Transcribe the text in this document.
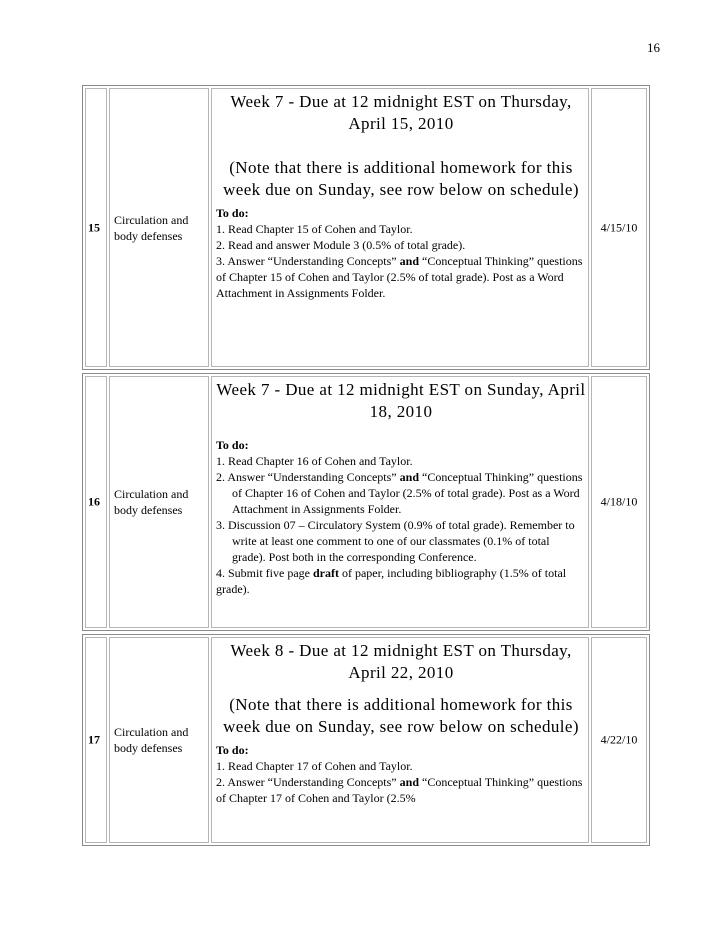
16
15
Circulation and body defenses
Week 7 - Due at 12 midnight EST on Thursday, April 15, 2010
(Note that there is additional homework for this week due on Sunday, see row below on schedule)
To do:
1. Read Chapter 15 of Cohen and Taylor.
2. Read and answer Module 3 (0.5% of total grade).
3. Answer “Understanding Concepts” and “Conceptual Thinking” questions of Chapter 15 of Cohen and Taylor (2.5% of total grade). Post as a Word Attachment in Assignments Folder.
4/15/10
16
Circulation and body defenses
Week 7 - Due at 12 midnight EST on Sunday, April 18, 2010
To do:
1. Read Chapter 16 of Cohen and Taylor.
2. Answer “Understanding Concepts” and “Conceptual Thinking” questions of Chapter 16 of Cohen and Taylor (2.5% of total grade). Post as a Word Attachment in Assignments Folder.
3. Discussion 07 – Circulatory System (0.9% of total grade). Remember to write at least one comment to one of our classmates (0.1% of total grade). Post both in the corresponding Conference.
4. Submit five page draft of paper, including bibliography (1.5% of total grade).
4/18/10
17
Circulation and body defenses
Week 8 - Due at 12 midnight EST on Thursday, April 22, 2010
(Note that there is additional homework for this week due on Sunday, see row below on schedule)
To do:
1. Read Chapter 17 of Cohen and Taylor.
2. Answer “Understanding Concepts” and “Conceptual Thinking” questions of Chapter 17 of Cohen and Taylor (2.5%
4/22/10
